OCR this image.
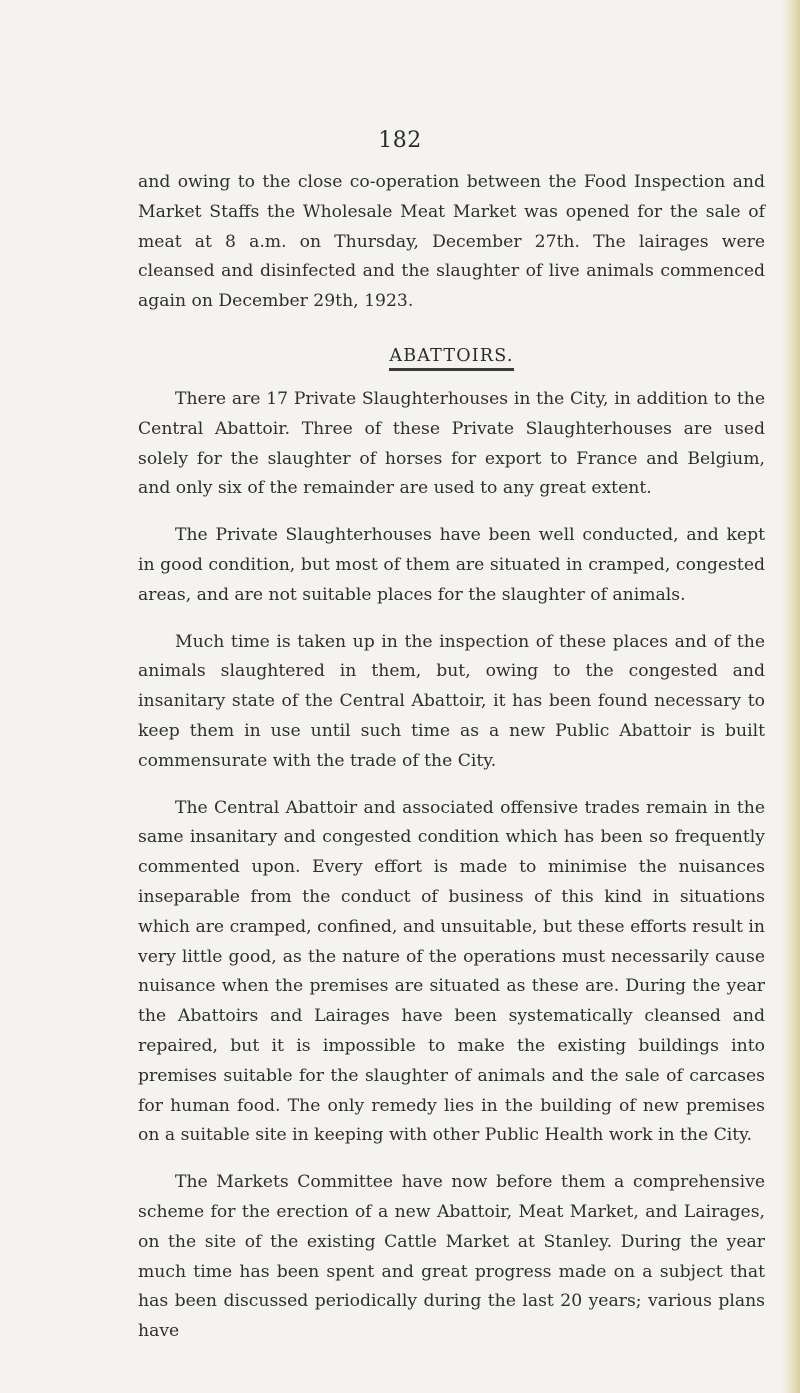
182

and owing to the close co-operation between the Food Inspection and Market Staffs the Wholesale Meat Market was opened for the sale of meat at 8 a.m. on Thursday, December 27th. The lairages were cleansed and disinfected and the slaughter of live animals commenced again on December 29th, 1923.

ABATTOIRS.

There are 17 Private Slaughterhouses in the City, in addition to the Central Abattoir. Three of these Private Slaughterhouses are used solely for the slaughter of horses for export to France and Belgium, and only six of the remainder are used to any great extent.

The Private Slaughterhouses have been well conducted, and kept in good condition, but most of them are situated in cramped, congested areas, and are not suitable places for the slaughter of animals.

Much time is taken up in the inspection of these places and of the animals slaughtered in them, but, owing to the congested and insanitary state of the Central Abattoir, it has been found necessary to keep them in use until such time as a new Public Abattoir is built commensurate with the trade of the City.

The Central Abattoir and associated offensive trades remain in the same insanitary and congested condition which has been so frequently commented upon. Every effort is made to minimise the nuisances inseparable from the conduct of business of this kind in situations which are cramped, confined, and unsuitable, but these efforts result in very little good, as the nature of the operations must necessarily cause nuisance when the premises are situated as these are. During the year the Abattoirs and Lairages have been systematically cleansed and repaired, but it is impossible to make the existing buildings into premises suitable for the slaughter of animals and the sale of carcases for human food. The only remedy lies in the building of new premises on a suitable site in keeping with other Public Health work in the City.

The Markets Committee have now before them a comprehensive scheme for the erection of a new Abattoir, Meat Market, and Lairages, on the site of the existing Cattle Market at Stanley. During the year much time has been spent and great progress made on a subject that has been discussed periodically during the last 20 years; various plans have
